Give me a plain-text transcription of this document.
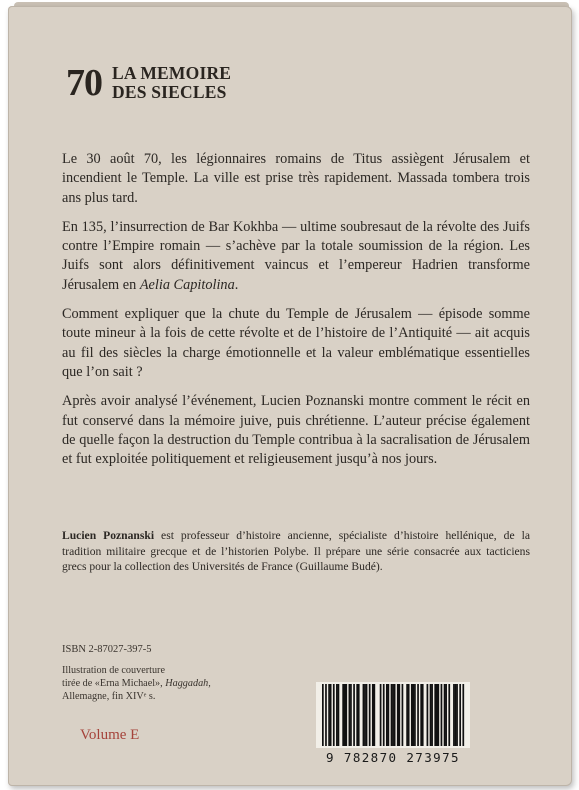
70 LA MEMOIRE
DES SIECLES

Le 30 août 70, les légionnaires romains de Titus assiègent Jérusalem et incendient le Temple. La ville est prise très rapidement. Massada tombera trois ans plus tard.

En 135, l’insurrection de Bar Kokhba — ultime soubresaut de la révolte des Juifs contre l’Empire romain — s’achève par la totale soumission de la région. Les Juifs sont alors définitivement vaincus et l’empereur Hadrien transforme Jérusalem en Aelia Capitolina.

Comment expliquer que la chute du Temple de Jérusalem — épisode somme toute mineur à la fois de cette révolte et de l’histoire de l’Antiquité — ait acquis au fil des siècles la charge émotionnelle et la valeur emblématique essentielles que l’on sait ?

Après avoir analysé l’événement, Lucien Poznanski montre comment le récit en fut conservé dans la mémoire juive, puis chrétienne. L’auteur précise également de quelle façon la destruction du Temple contribua à la sacralisation de Jérusalem et fut exploitée politiquement et religieusement jusqu’à nos jours.

Lucien Poznanski est professeur d’histoire ancienne, spécialiste d’histoire hellénique, de la tradition militaire grecque et de l’historien Polybe. Il prépare une série consacrée aux tacticiens grecs pour la collection des Universités de France (Guillaume Budé).
ISBN 2-87027-397-5
Illustration de couverture
tirée de «Erna Michael», Haggadah,
Allemagne, fin XIVᵉ s.
Volume E
9 782870 273975
